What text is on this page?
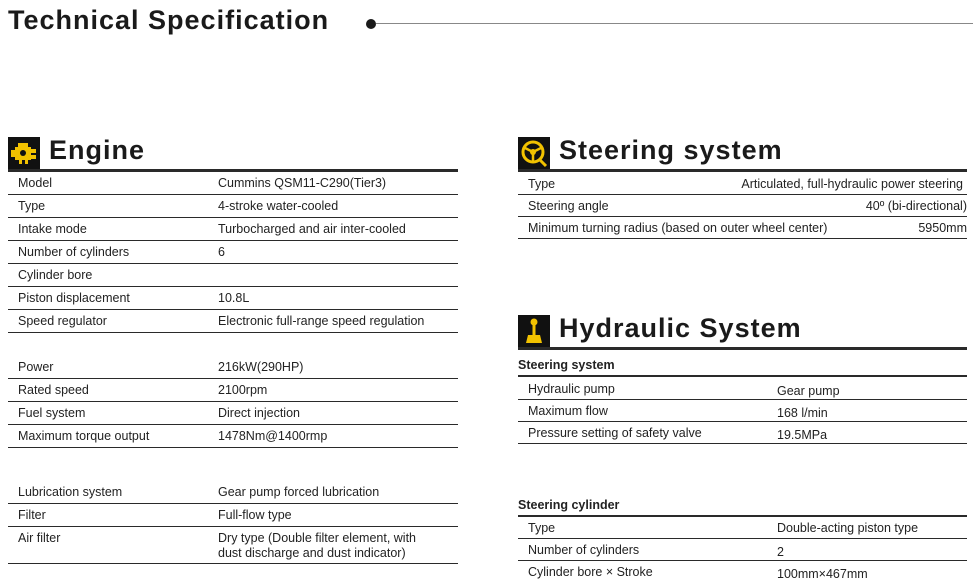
Technical Specification
Engine
Model	Cummins QSM11-C290(Tier3)
Type	4-stroke water-cooled
Intake mode	Turbocharged and air inter-cooled
Number of cylinders	6
Cylinder bore
Piston displacement	10.8L
Speed regulator	Electronic full-range speed regulation
Power	216kW(290HP)
Rated speed	2100rpm
Fuel system	Direct injection
Maximum torque output	1478Nm@1400rmp
Lubrication system	Gear pump forced lubrication
Filter	Full-flow type
Air filter	Dry type (Double filter element, with
dust discharge and dust indicator)
Steering system
Type	Articulated, full-hydraulic power steering
Steering angle	40º (bi-directional)
Minimum turning radius (based on outer wheel center)	5950mm
Hydraulic System
Steering system
Hydraulic pump	Gear pump
Maximum flow	168 l/min
Pressure setting of safety valve	19.5MPa
Steering cylinder
Type	Double-acting piston type
Number of cylinders	2
Cylinder bore × Stroke	100mm×467mm
